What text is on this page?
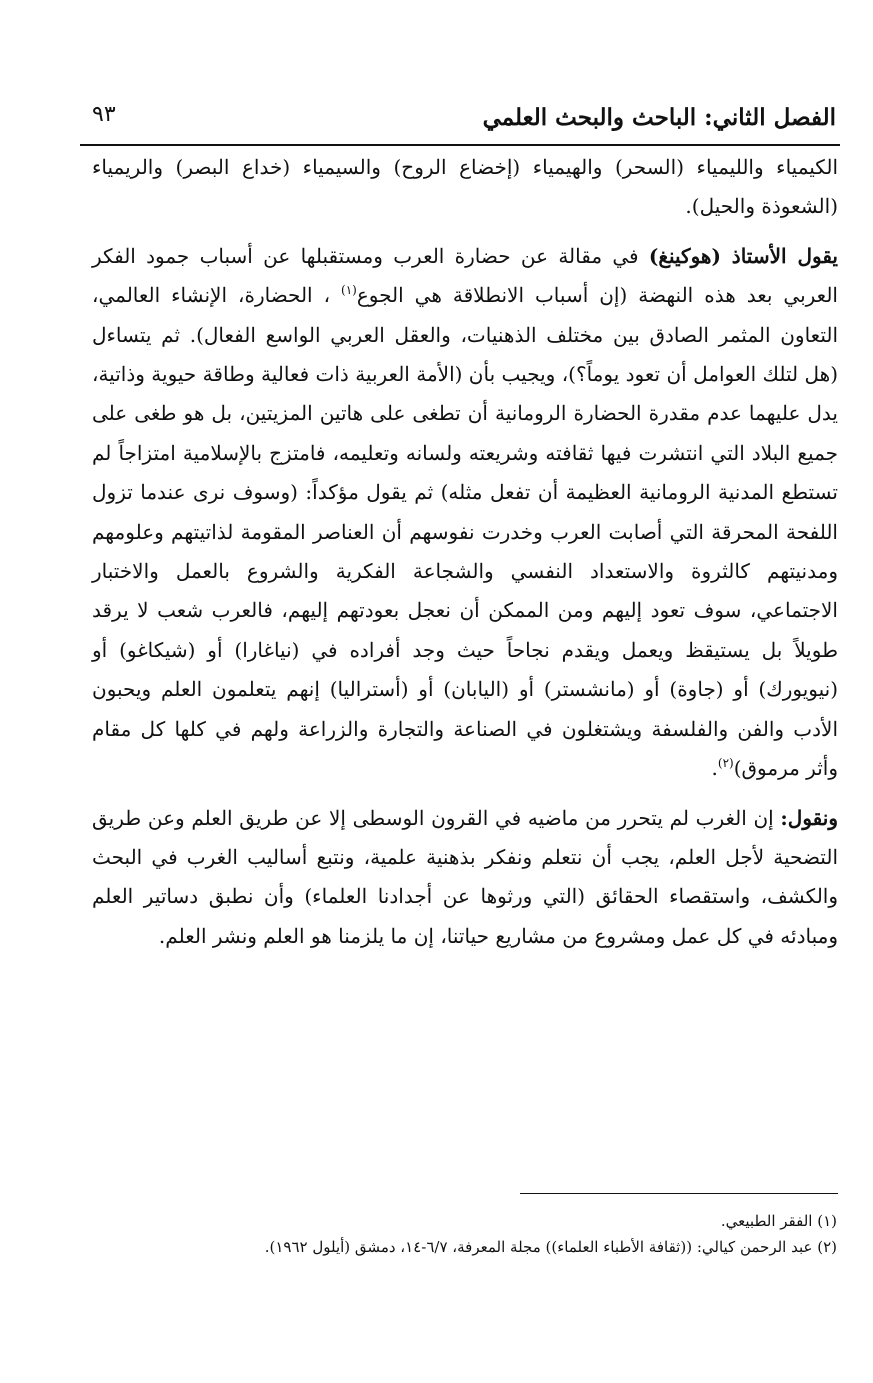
الفصل الثاني: الباحث والبحث العلمي
٩٣

الكيمياء والليمياء (السحر) والهيمياء (إخضاع الروح) والسيمياء (خداع البصر) والريمياء (الشعوذة والحيل).

يقول الأستاذ (هوكينغ) في مقالة عن حضارة العرب ومستقبلها عن أسباب جمود الفكر العربي بعد هذه النهضة (إن أسباب الانطلاقة هي الجوع$^{(١)}$ ، الحضارة، الإنشاء العالمي، التعاون المثمر الصادق بين مختلف الذهنيات، والعقل العربي الواسع الفعال). ثم يتساءل (هل لتلك العوامل أن تعود يوماً؟)، ويجيب بأن (الأمة العربية ذات فعالية وطاقة حيوية وذاتية، يدل عليهما عدم مقدرة الحضارة الرومانية أن تطغى على هاتين المزيتين، بل هو طغى على جميع البلاد التي انتشرت فيها ثقافته وشريعته ولسانه وتعليمه، فامتزج بالإسلامية امتزاجاً لم تستطع المدنية الرومانية العظيمة أن تفعل مثله) ثم يقول مؤكداً: (وسوف نرى عندما تزول اللفحة المحرقة التي أصابت العرب وخدرت نفوسهم أن العناصر المقومة لذاتيتهم وعلومهم ومدنيتهم كالثروة والاستعداد النفسي والشجاعة الفكرية والشروع بالعمل والاختبار الاجتماعي، سوف تعود إليهم ومن الممكن أن نعجل بعودتهم إليهم، فالعرب شعب لا يرقد طويلاً بل يستيقظ ويعمل ويقدم نجاحاً حيث وجد أفراده في (نياغارا) أو (شيكاغو) أو (نيويورك) أو (جاوة) أو (مانشستر) أو (اليابان) أو (أستراليا) إنهم يتعلمون العلم ويحبون الأدب والفن والفلسفة ويشتغلون في الصناعة والتجارة والزراعة ولهم في كلها كل مقام وأثر مرموق)$^{(٢)}$.

ونقول: إن الغرب لم يتحرر من ماضيه في القرون الوسطى إلا عن طريق العلم وعن طريق التضحية لأجل العلم، يجب أن نتعلم ونفكر بذهنية علمية، ونتبع أساليب الغرب في البحث والكشف، واستقصاء الحقائق (التي ورثوها عن أجدادنا العلماء) وأن نطبق دساتير العلم ومبادئه في كل عمل ومشروع من مشاريع حياتنا، إن ما يلزمنا هو العلم ونشر العلم.

(١) الفقر الطبيعي.

(٢) عبد الرحمن كيالي: ((ثقافة الأطباء العلماء)) مجلة المعرفة، ٦/٧-١٤، دمشق (أيلول ١٩٦٢).
